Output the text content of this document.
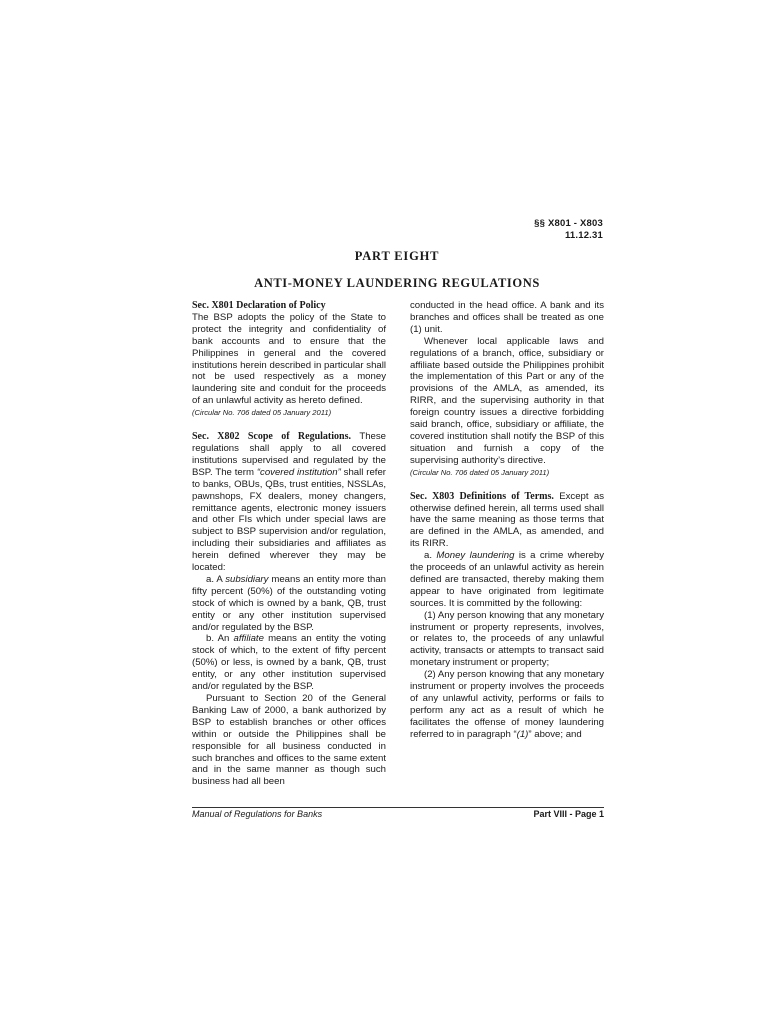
§§ X801 - X803
11.12.31
PART EIGHT
ANTI-MONEY LAUNDERING REGULATIONS

Sec. X801 Declaration of Policy
The BSP adopts the policy of the State to protect the integrity and confidentiality of bank accounts and to ensure that the Philippines in general and the covered institutions herein described in particular shall not be used respectively as a money laundering site and conduit for the proceeds of an unlawful activity as hereto defined.
(Circular No. 706 dated 05 January 2011)

Sec. X802 Scope of Regulations. These regulations shall apply to all covered institutions supervised and regulated by the BSP. The term “covered institution” shall refer to banks, OBUs, QBs, trust entities, NSSLAs, pawnshops, FX dealers, money changers, remittance agents, electronic money issuers and other FIs which under special laws are subject to BSP supervision and/or regulation, including their subsidiaries and affiliates as herein defined wherever they may be located:

a. A subsidiary means an entity more than fifty percent (50%) of the outstanding voting stock of which is owned by a bank, QB, trust entity or any other institution supervised and/or regulated by the BSP.

b. An affiliate means an entity the voting stock of which, to the extent of fifty percent (50%) or less, is owned by a bank, QB, trust entity, or any other institution supervised and/or regulated by the BSP.

Pursuant to Section 20 of the General Banking Law of 2000, a bank authorized by BSP to establish branches or other offices within or outside the Philippines shall be responsible for all business conducted in such branches and offices to the same extent and in the same manner as though such business had all been

conducted in the head office. A bank and its branches and offices shall be treated as one (1) unit.

Whenever local applicable laws and regulations of a branch, office, subsidiary or affiliate based outside the Philippines prohibit the implementation of this Part or any of the provisions of the AMLA, as amended, its RIRR, and the supervising authority in that foreign country issues a directive forbidding said branch, office, subsidiary or affiliate, the covered institution shall notify the BSP of this situation and furnish a copy of the supervising authority’s directive.

(Circular No. 706 dated 05 January 2011)

Sec. X803 Definitions of Terms. Except as otherwise defined herein, all terms used shall have the same meaning as those terms that are defined in the AMLA, as amended, and its RIRR.

a. Money laundering is a crime whereby the proceeds of an unlawful activity as herein defined are transacted, thereby making them appear to have originated from legitimate sources. It is committed by the following:

(1) Any person knowing that any monetary instrument or property represents, involves, or relates to, the proceeds of any unlawful activity, transacts or attempts to transact said monetary instrument or property;

(2) Any person knowing that any monetary instrument or property involves the proceeds of any unlawful activity, performs or fails to perform any act as a result of which he facilitates the offense of money laundering referred to in paragraph “(1)” above; and

Manual of Regulations for Banks	Part VIII - Page 1
